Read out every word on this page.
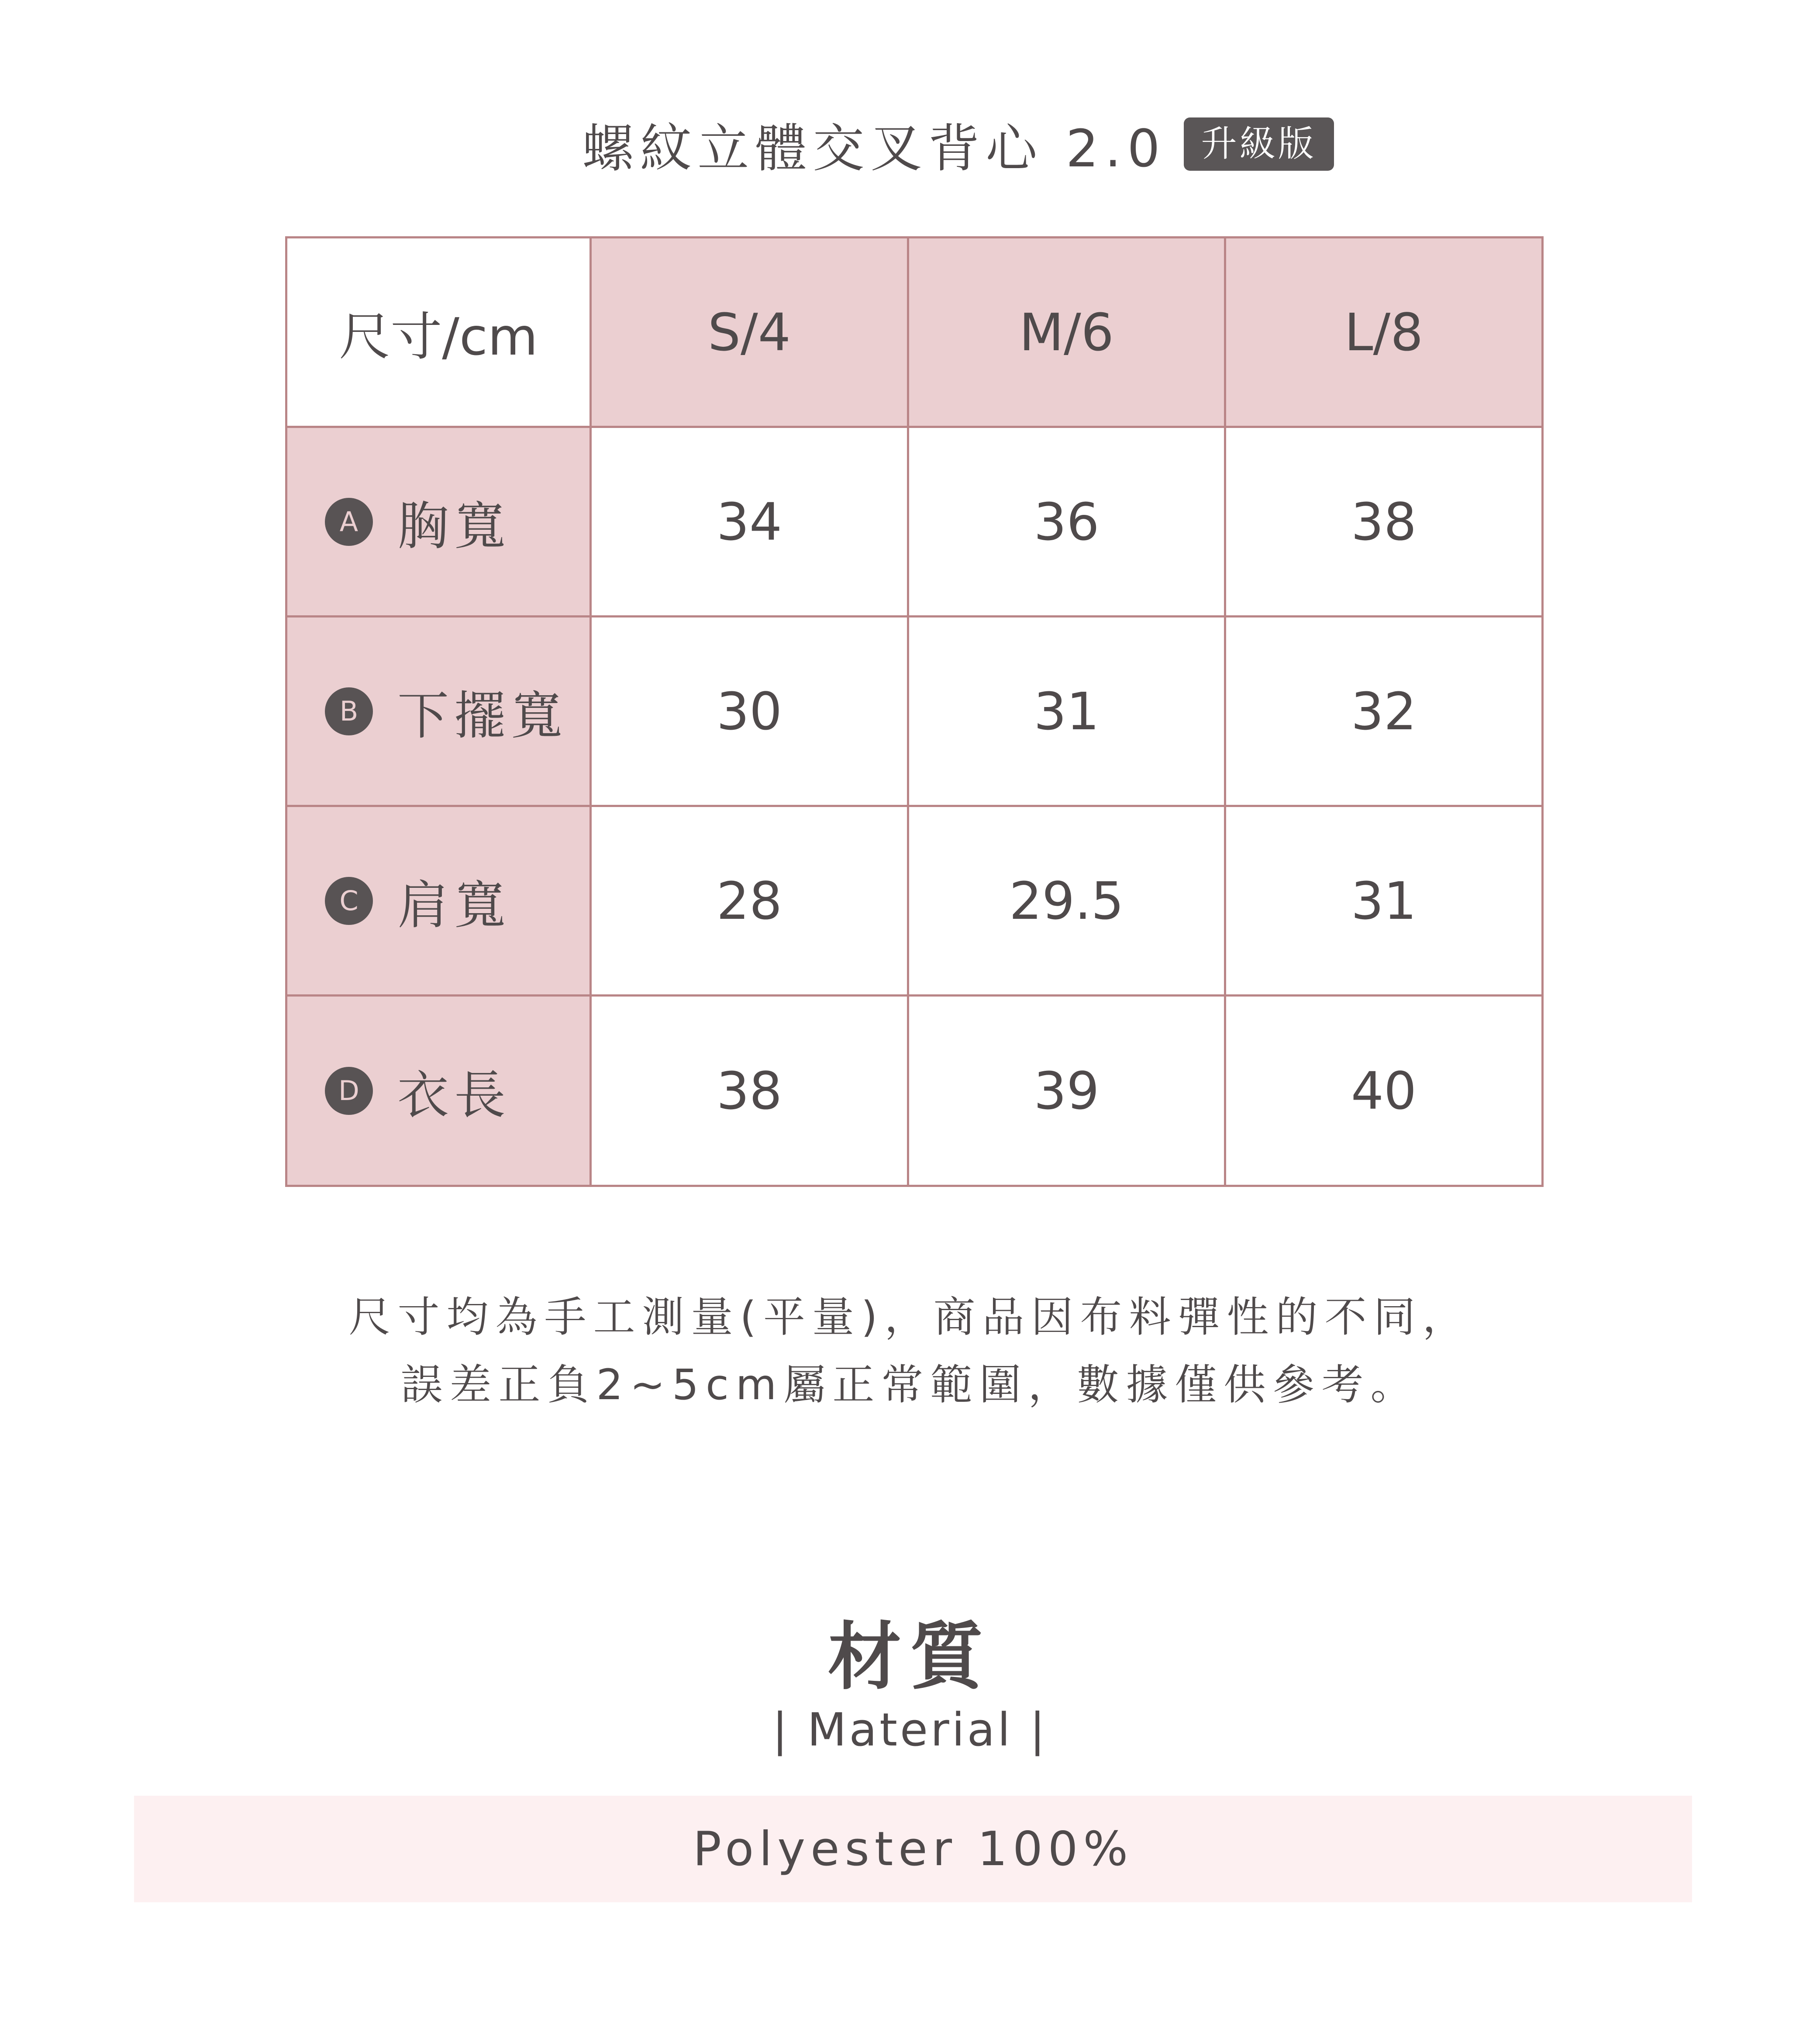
螺紋立體交叉背心 2.0 升級版
尺寸/cm	S/4	M/6	L/8
A 胸寬	34	36	38
B 下擺寬	30	31	32
C 肩寬	28	29.5	31
D 衣長	38	39	40
尺寸均為手工測量(平量)，商品因布料彈性的不同，
誤差正負2~5cm屬正常範圍，數據僅供參考。
材質
| Material |
Polyester 100%
